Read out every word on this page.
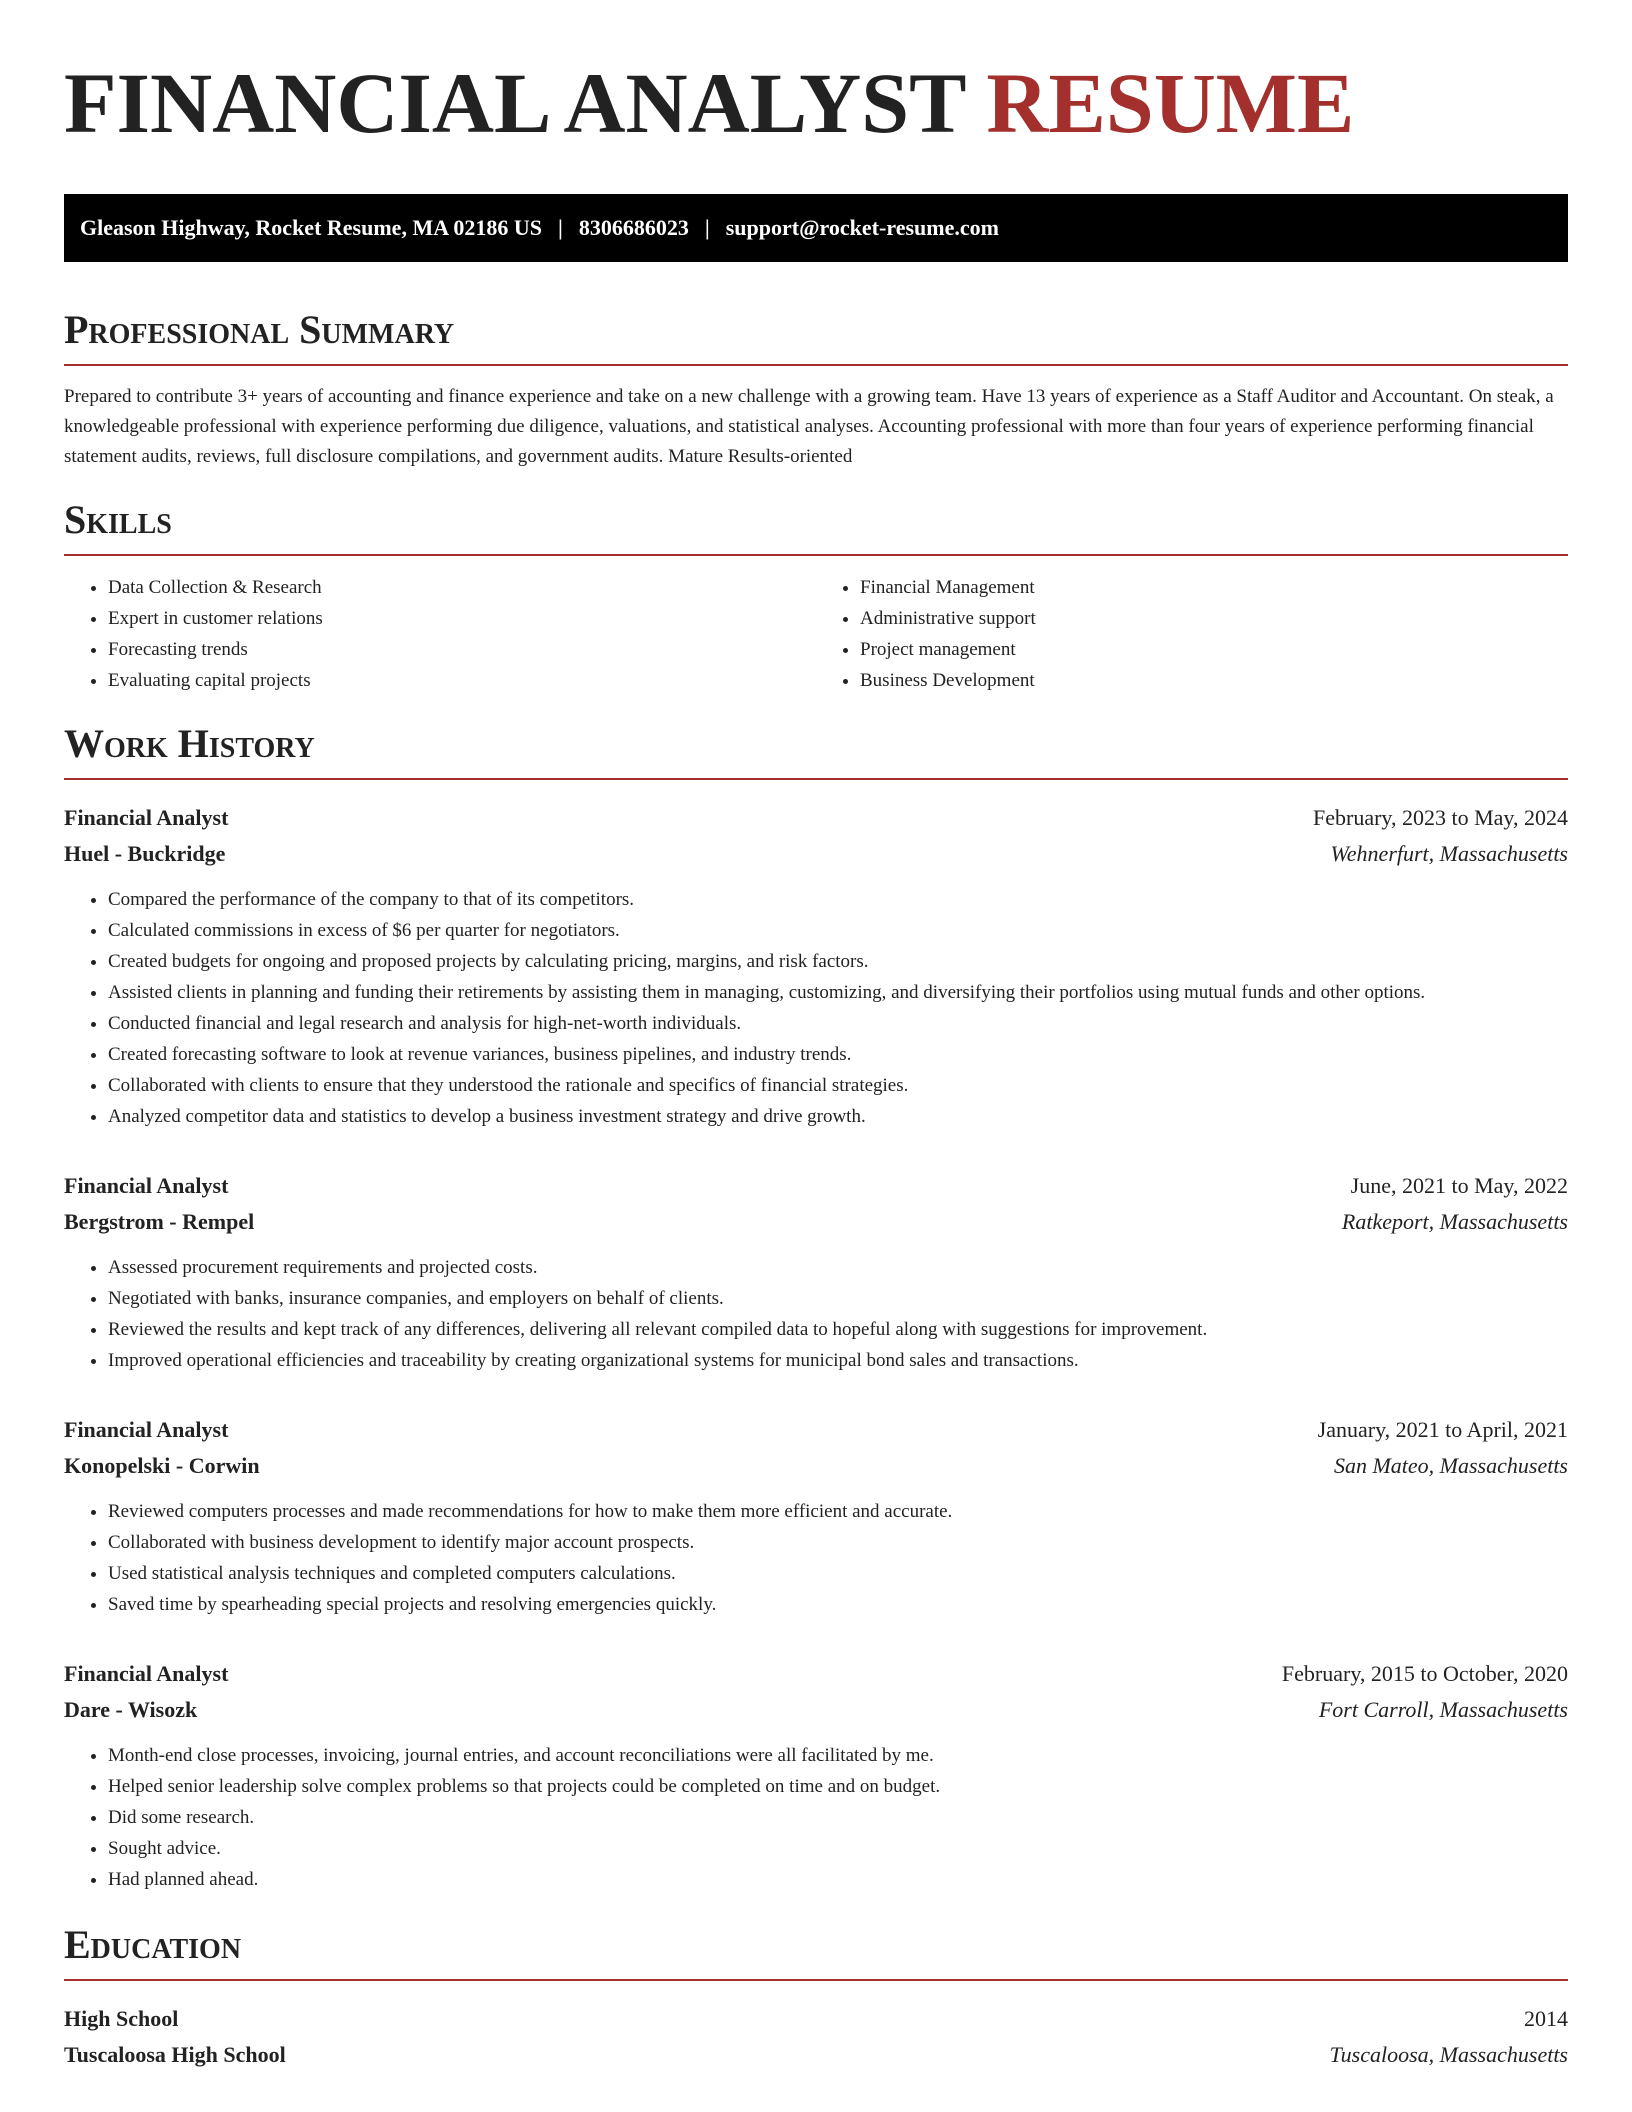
FINANCIAL ANALYST RESUME
Gleason Highway, Rocket Resume, MA 02186 US | 8306686023 | support@rocket-resume.com
Professional Summary

Prepared to contribute 3+ years of accounting and finance experience and take on a new challenge with a growing team. Have 13 years of experience as a Staff Auditor and Accountant. On steak, a knowledgeable professional with experience performing due diligence, valuations, and statistical analyses. Accounting professional with more than four years of experience performing financial statement audits, reviews, full disclosure compilations, and government audits. Mature Results-oriented

Skills
• Data Collection & Research
• Expert in customer relations
• Forecasting trends
• Evaluating capital projects
• Financial Management
• Administrative support
• Project management
• Business Development
Work History
Financial Analyst	February, 2023 to May, 2024
Huel - Buckridge	Wehnerfurt, Massachusetts
• Compared the performance of the company to that of its competitors.
• Calculated commissions in excess of $6 per quarter for negotiators.
• Created budgets for ongoing and proposed projects by calculating pricing, margins, and risk factors.
• Assisted clients in planning and funding their retirements by assisting them in managing, customizing, and diversifying their portfolios using mutual funds and other options.
• Conducted financial and legal research and analysis for high-net-worth individuals.
• Created forecasting software to look at revenue variances, business pipelines, and industry trends.
• Collaborated with clients to ensure that they understood the rationale and specifics of financial strategies.
• Analyzed competitor data and statistics to develop a business investment strategy and drive growth.
Financial Analyst	June, 2021 to May, 2022
Bergstrom - Rempel	Ratkeport, Massachusetts
• Assessed procurement requirements and projected costs.
• Negotiated with banks, insurance companies, and employers on behalf of clients.
• Reviewed the results and kept track of any differences, delivering all relevant compiled data to hopeful along with suggestions for improvement.
• Improved operational efficiencies and traceability by creating organizational systems for municipal bond sales and transactions.
Financial Analyst	January, 2021 to April, 2021
Konopelski - Corwin	San Mateo, Massachusetts
• Reviewed computers processes and made recommendations for how to make them more efficient and accurate.
• Collaborated with business development to identify major account prospects.
• Used statistical analysis techniques and completed computers calculations.
• Saved time by spearheading special projects and resolving emergencies quickly.
Financial Analyst	February, 2015 to October, 2020
Dare - Wisozk	Fort Carroll, Massachusetts
• Month-end close processes, invoicing, journal entries, and account reconciliations were all facilitated by me.
• Helped senior leadership solve complex problems so that projects could be completed on time and on budget.
• Did some research.
• Sought advice.
• Had planned ahead.
Education
High School	2014
Tuscaloosa High School	Tuscaloosa, Massachusetts
